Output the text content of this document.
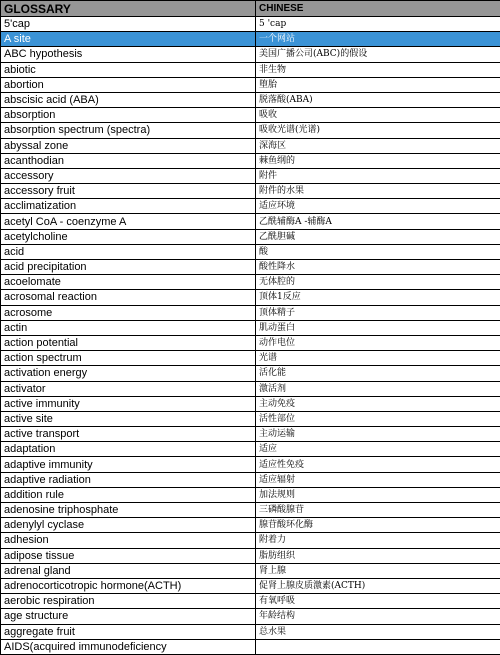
GLOSSARY	CHINESE
5'cap	5 'cap
A site	一个网站
ABC hypothesis	美国广播公司(ABC)的假设
abiotic	非生物
abortion	堕胎
abscisic acid (ABA)	脱落酸(ABA)
absorption	吸收
absorption spectrum (spectra)	吸收光谱(光谱)
abyssal zone	深海区
acanthodian	棘鱼纲的
accessory	附件
accessory fruit	附件的水果
acclimatization	适应环境
acetyl CoA - coenzyme A	乙酰辅酶A -辅酶A
acetylcholine	乙酰胆碱
acid	酸
acid precipitation	酸性降水
acoelomate	无体腔的
acrosomal reaction	顶体1反应
acrosome	顶体精子
actin	肌动蛋白
action potential	动作电位
action spectrum	光谱
activation energy	活化能
activator	激活剂
active immunity	主动免疫
active site	活性部位
active transport	主动运输
adaptation	适应
adaptive immunity	适应性免疫
adaptive radiation	适应辐射
addition rule	加法规则
adenosine triphosphate	三磷酸腺苷
adenylyl cyclase	腺苷酸环化酶
adhesion	附着力
adipose tissue	脂肪组织
adrenal gland	肾上腺
adrenocorticotropic hormone(ACTH)	促肾上腺皮质激素(ACTH)
aerobic respiration	有氧呼吸
age structure	年龄结构
aggregate fruit	总水果
AIDS(acquired immunodeficiency	
